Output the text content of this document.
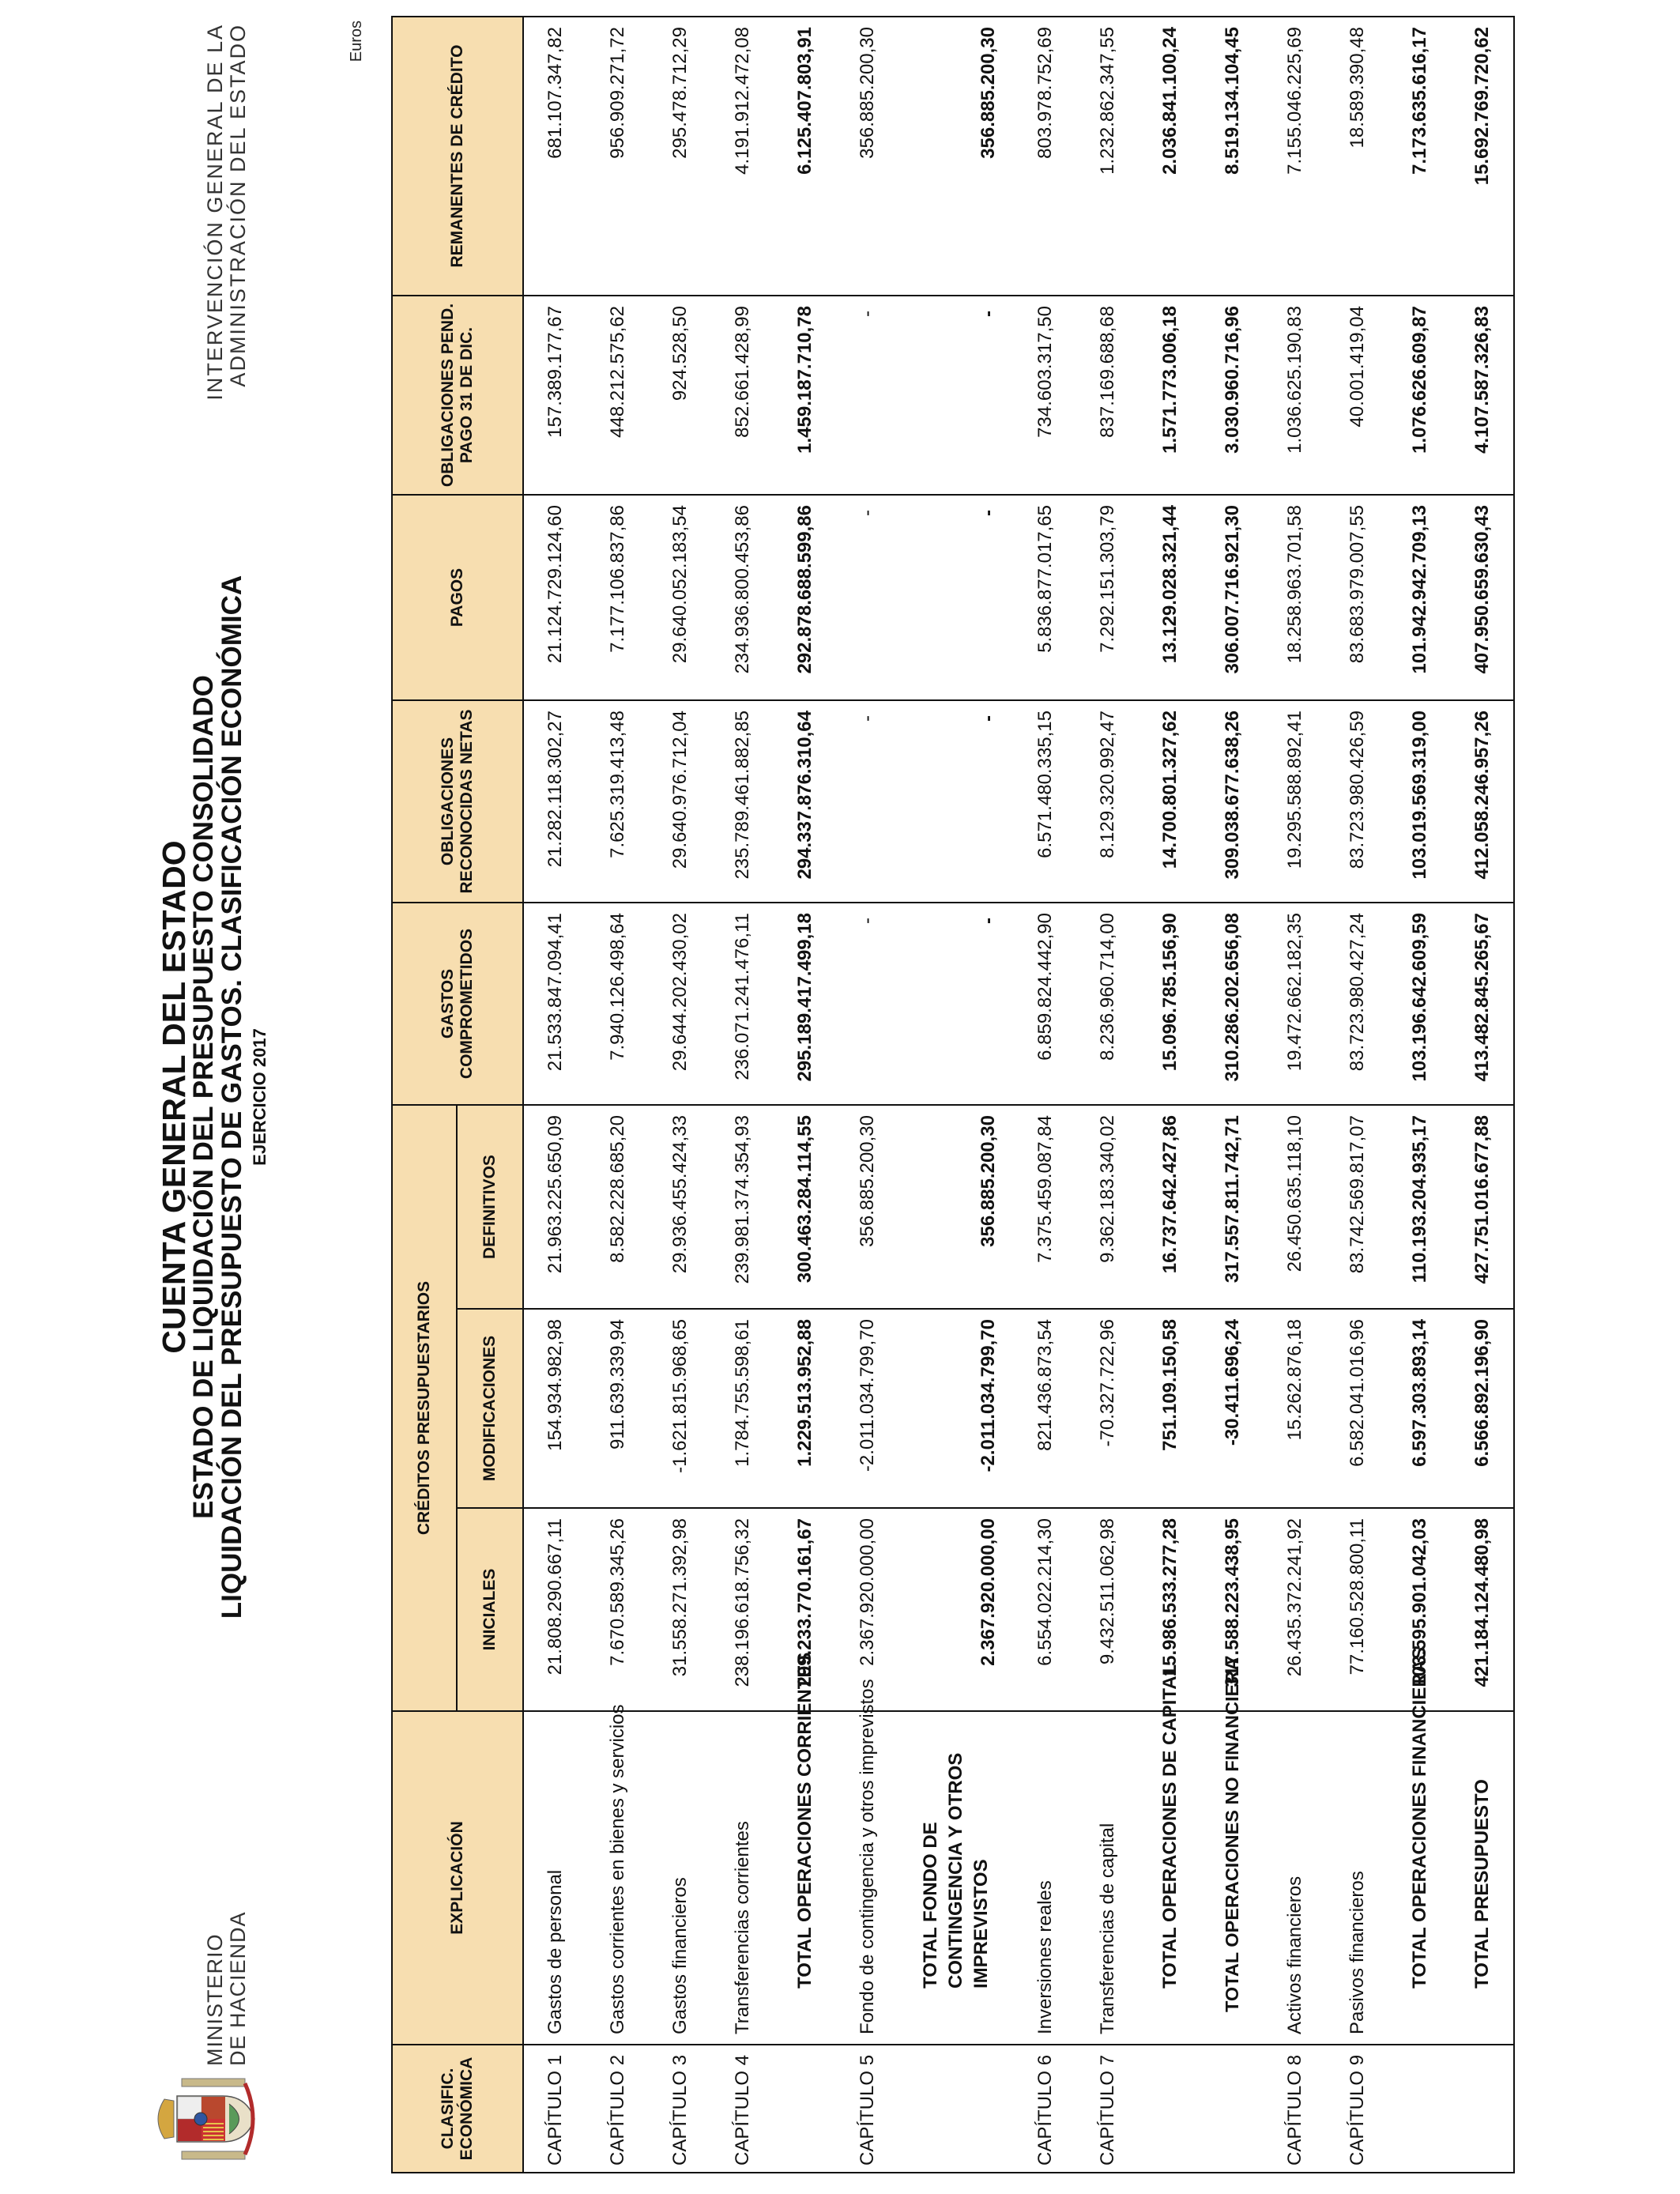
MINISTERIO DE HACIENDA
CUENTA GENERAL DEL ESTADO
ESTADO DE LIQUIDACIÓN DEL PRESUPUESTO CONSOLIDADO
LIQUIDACIÓN DEL PRESUPUESTO DE GASTOS. CLASIFICACIÓN ECONÓMICA EJERCICIO 2017
INTERVENCIÓN GENERAL DE LA ADMINISTRACIÓN DEL ESTADO	Euros
CLASIFIC. ECONÓMICA	EXPLICACIÓN	CRÉDITOS PRESUPUESTARIOS			GASTOS COMPROMETIDOS	OBLIGACIONES RECONOCIDAS NETAS	PAGOS	OBLIGACIONES PEND. PAGO 31 DE DIC.	REMANENTES DE CRÉDITO
		INICIALES	MODIFICACIONES	DEFINITIVOS					
CAPÍTULO 1	Gastos de personal	21.808.290.667,11	154.934.982,98	21.963.225.650,09	21.533.847.094,41	21.282.118.302,27	21.124.729.124,60	157.389.177,67	681.107.347,82
CAPÍTULO 2	Gastos corrientes en bienes y servicios	7.670.589.345,26	911.639.339,94	8.582.228.685,20	7.940.126.498,64	7.625.319.413,48	7.177.106.837,86	448.212.575,62	956.909.271,72
CAPÍTULO 3	Gastos financieros	31.558.271.392,98	-1.621.815.968,65	29.936.455.424,33	29.644.202.430,02	29.640.976.712,04	29.640.052.183,54	924.528,50	295.478.712,29
CAPÍTULO 4	Transferencias corrientes	238.196.618.756,32	1.784.755.598,61	239.981.374.354,93	236.071.241.476,11	235.789.461.882,85	234.936.800.453,86	852.661.428,99	4.191.912.472,08
	TOTAL OPERACIONES CORRIENTES	299.233.770.161,67	1.229.513.952,88	300.463.284.114,55	295.189.417.499,18	294.337.876.310,64	292.878.688.599,86	1.459.187.710,78	6.125.407.803,91
CAPÍTULO 5	Fondo de contingencia y otros imprevistos	2.367.920.000,00	-2.011.034.799,70	356.885.200,30	-	-	-	-	356.885.200,30
	TOTAL FONDO DE CONTINGENCIA Y OTROS IMPREVISTOS	2.367.920.000,00	-2.011.034.799,70	356.885.200,30	-	-	-	-	356.885.200,30
CAPÍTULO 6	Inversiones reales	6.554.022.214,30	821.436.873,54	7.375.459.087,84	6.859.824.442,90	6.571.480.335,15	5.836.877.017,65	734.603.317,50	803.978.752,69
CAPÍTULO 7	Transferencias de capital	9.432.511.062,98	-70.327.722,96	9.362.183.340,02	8.236.960.714,00	8.129.320.992,47	7.292.151.303,79	837.169.688,68	1.232.862.347,55
	TOTAL OPERACIONES DE CAPITAL	15.986.533.277,28	751.109.150,58	16.737.642.427,86	15.096.785.156,90	14.700.801.327,62	13.129.028.321,44	1.571.773.006,18	2.036.841.100,24
	TOTAL OPERACIONES NO FINANCIERA	317.588.223.438,95	-30.411.696,24	317.557.811.742,71	310.286.202.656,08	309.038.677.638,26	306.007.716.921,30	3.030.960.716,96	8.519.134.104,45
CAPÍTULO 8	Activos financieros	26.435.372.241,92	15.262.876,18	26.450.635.118,10	19.472.662.182,35	19.295.588.892,41	18.258.963.701,58	1.036.625.190,83	7.155.046.225,69
CAPÍTULO 9	Pasivos financieros	77.160.528.800,11	6.582.041.016,96	83.742.569.817,07	83.723.980.427,24	83.723.980.426,59	83.683.979.007,55	40.001.419,04	18.589.390,48
	TOTAL OPERACIONES FINANCIERAS	103.595.901.042,03	6.597.303.893,14	110.193.204.935,17	103.196.642.609,59	103.019.569.319,00	101.942.942.709,13	1.076.626.609,87	7.173.635.616,17
	TOTAL PRESUPUESTO	421.184.124.480,98	6.566.892.196,90	427.751.016.677,88	413.482.845.265,67	412.058.246.957,26	407.950.659.630,43	4.107.587.326,83	15.692.769.720,62
